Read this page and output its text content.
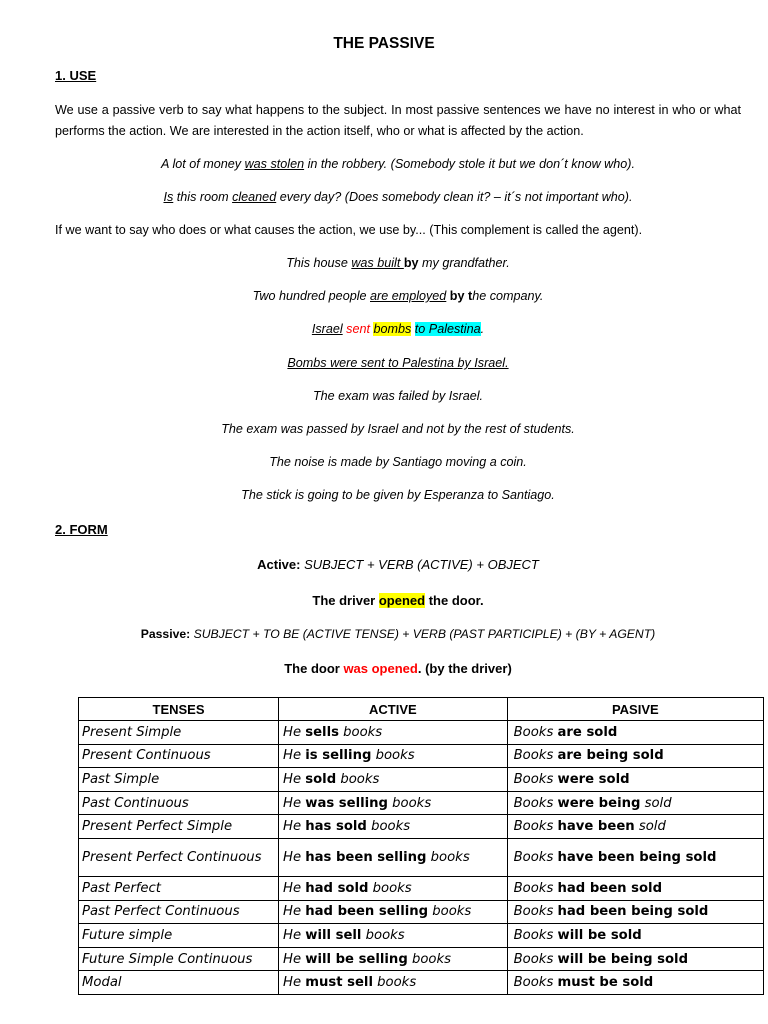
THE PASSIVE
1. USE
We use a passive verb to say what happens to the subject. In most passive sentences we have no interest in who or what performs the action. We are interested in the action itself, who or what is affected by the action.
A lot of money was stolen in the robbery. (Somebody stole it but we don´t know who).
Is this room cleaned every day? (Does somebody clean it? – it´s not important who).
If we want to say who does or what causes the action, we use by... (This complement is called the agent).
This house was built by my grandfather.
Two hundred people are employed by the company.
Israel sent bombs to Palestina.
Bombs were sent to Palestina by Israel.
The exam was failed by Israel.
The exam was passed by Israel and not by the rest of students.
The noise is made by Santiago moving a coin.
The stick is going to be given by Esperanza to Santiago.
2. FORM
Active: SUBJECT + VERB (ACTIVE) + OBJECT
The driver opened the door.
Passive: SUBJECT + TO BE (ACTIVE TENSE) + VERB (PAST PARTICIPLE) + (BY + AGENT)
The door was opened. (by the driver)
TENSES	ACTIVE	PASIVE
Present Simple	He sells books	Books are sold
Present Continuous	He is selling books	Books are being sold
Past Simple	He sold books	Books were sold
Past Continuous	He was selling books	Books were being sold
Present Perfect Simple	He has sold books	Books have been sold
Present Perfect Continuous	He has been selling books	Books have been being sold
Past Perfect	He had sold books	Books had been sold
Past Perfect Continuous	He had been selling books	Books had been being sold
Future simple	He will sell books	Books will be sold
Future Simple Continuous	He will be selling books	Books will be being sold
Modal	He must sell books	Books must be sold
